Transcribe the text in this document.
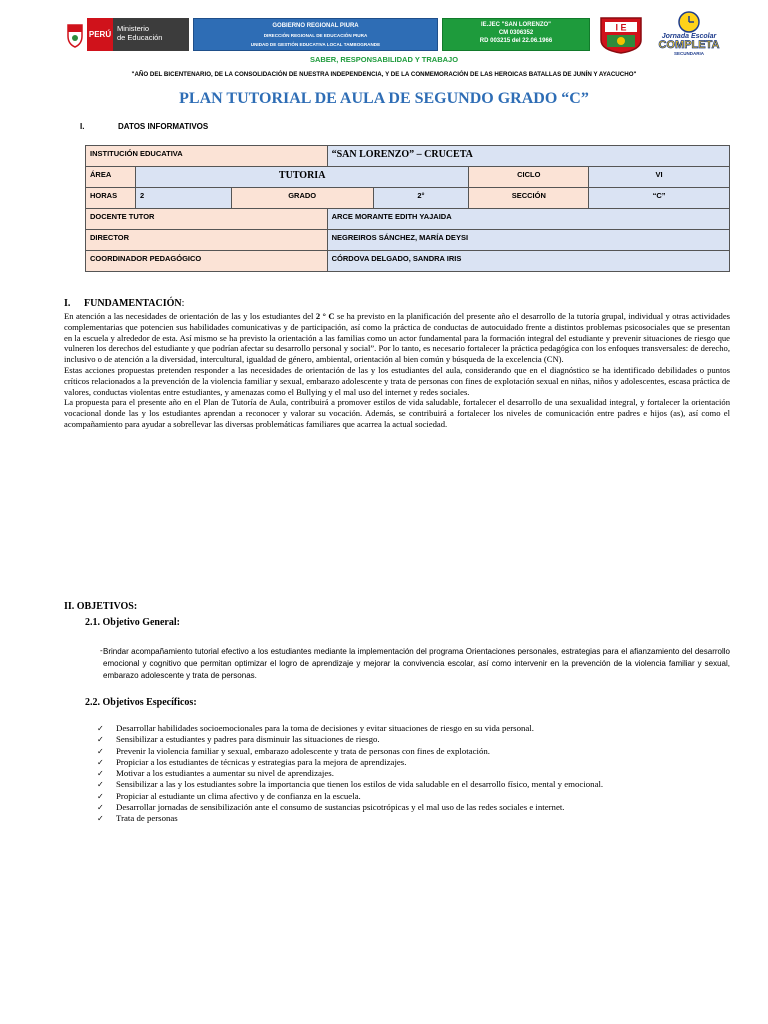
PERÚ
Ministerio
de Educación
GOBIERNO REGIONAL PIURA
DIRECCIÓN REGIONAL DE EDUCACIÓN PIURA
UNIDAD DE GESTIÓN EDUCATIVA LOCAL TAMBOGRANDE
IE.JEC "SAN LORENZO"
CM 0306352
RD 003215 del 22.06.1966
I E
Jornada Escolar
COMPLETA
SECUNDARIA
SABER, RESPONSABILIDAD Y TRABAJO
"AÑO DEL BICENTENARIO, DE LA CONSOLIDACIÓN DE NUESTRA INDEPENDENCIA, Y DE LA CONMEMORACIÓN DE LAS HEROICAS BATALLAS DE JUNÍN Y AYACUCHO"
PLAN TUTORIAL DE AULA DE SEGUNDO GRADO “C”
I.	DATOS INFORMATIVOS
INSTITUCIÓN EDUCATIVA			“SAN LORENZO” – CRUCETA			
ÁREA	TUTORIA				CICLO	VI
HORAS	2	GRADO		2°	SECCIÓN	“C”
DOCENTE TUTOR			ARCE MORANTE EDITH YAJAIDA			
DIRECTOR			NEGREIROS SÁNCHEZ, MARÍA DEYSI			
COORDINADOR PEDAGÓGICO			CÓRDOVA DELGADO, SANDRA IRIS			
I. FUNDAMENTACIÓN:

En atención a las necesidades de orientación de las y los estudiantes del 2 ° C se ha previsto en la planificación del presente año el desarrollo de la tutoría grupal, individual y otras actividades complementarias que potencien sus habilidades comunicativas y de participación, así como la práctica de conductas de autocuidado frente a distintos problemas psicosociales que se presentan en la escuela y alrededor de esta. Así mismo se ha previsto la orientación a las familias como un actor fundamental para la formación integral del estudiante y prevenir situaciones de riesgo que vulneren los derechos del estudiante y que podrían afectar su desarrollo personal y social”. Por lo tanto, es necesario fortalecer la práctica pedagógica con los enfoques transversales: de derecho, inclusivo o de atención a la diversidad, intercultural, igualdad de género, ambiental, orientación al bien común y búsqueda de la excelencia (CN).

Estas acciones propuestas pretenden responder a las necesidades de orientación de las y los estudiantes del aula, considerando que en el diagnóstico se ha identificado debilidades o puntos críticos relacionados a la prevención de la violencia familiar y sexual, embarazo adolescente y trata de personas con fines de explotación sexual en niñas, niños y adolescentes, escasa práctica de valores, conductas violentas entre estudiantes, y amenazas como el Bullying y el mal uso del internet y redes sociales.

La propuesta para el presente año en el Plan de Tutoría de Aula, contribuirá a promover estilos de vida saludable, fortalecer el desarrollo de una sexualidad integral, y fortalecer la orientación vocacional donde las y los estudiantes aprendan a reconocer y valorar su vocación. Además, se contribuirá a fortalecer los niveles de comunicación entre padres e hijos (as), así como el acompañamiento para ayudar a sobrellevar las diversas problemáticas familiares que acarrea la actual sociedad.

II. OBJETIVOS:
2.1. Objetivo General:
- Brindar acompañamiento tutorial efectivo a los estudiantes mediante la implementación del programa Orientaciones personales, estrategias para el afianzamiento del desarrollo emocional y cognitivo que permitan optimizar el logro de aprendizaje y mejorar la convivencia escolar, así como intervenir en la prevención de la violencia familiar y sexual, embarazo adolescente y trata de personas.
2.2. Objetivos Específicos:
✓	Desarrollar habilidades socioemocionales para la toma de decisiones y evitar situaciones de riesgo en su vida personal.
✓	Sensibilizar a estudiantes y padres para disminuir las situaciones de riesgo.
✓	Prevenir la violencia familiar y sexual, embarazo adolescente y trata de personas con fines de explotación.
✓	Propiciar a los estudiantes de técnicas y estrategias para la mejora de aprendizajes.
✓	Motivar a los estudiantes a aumentar su nivel de aprendizajes.
✓	Sensibilizar a las y los estudiantes sobre la importancia que tienen los estilos de vida saludable en el desarrollo físico, mental y emocional.
✓	Propiciar al estudiante un clima afectivo y de confianza en la escuela.
✓	Desarrollar jornadas de sensibilización ante el consumo de sustancias psicotrópicas y el mal uso de las redes sociales e internet.
✓	Trata de personas
